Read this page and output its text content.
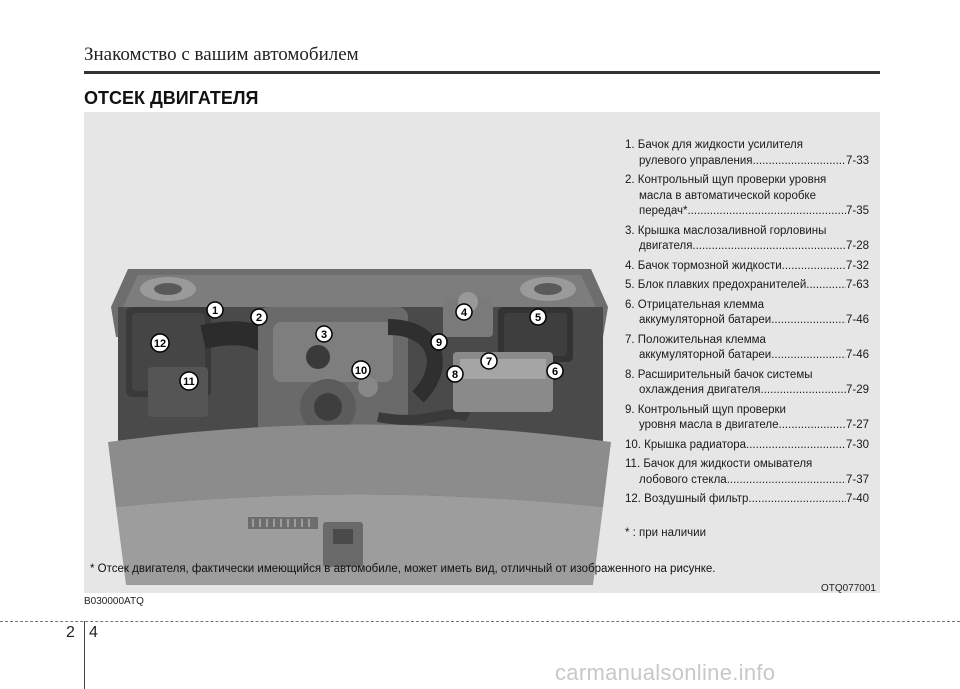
Знакомство с вашим автомобилем
ОТСЕК ДВИГАТЕЛЯ
1
2
3
4	5
6
7
8
9
10
11
12
1. Бачок для жидкости усилителя
рулевого управления .....	7-33
2. Контрольный щуп проверки уровня
масла в автоматической коробке
передач* .....	7-35
3. Крышка маслозаливной горловины
двигателя .....	7-28
4. Бачок тормозной жидкости .....	7-32
5. Блок плавких предохранителей .....	7-63
6. Отрицательная клемма
аккумуляторной батареи .....	7-46
7. Положительная клемма
аккумуляторной батареи .....	7-46
8. Расширительный бачок системы
охлаждения двигателя .....	7-29
9. Контрольный щуп проверки
уровня масла в двигателе .....	7-27
10. Крышка радиатора .....	7-30
11. Бачок для жидкости омывателя
лобового стекла .....	7-37
12. Воздушный фильтр .....	7-40
* : при наличии
* Отсек двигателя, фактически имеющийся в автомобиле, может иметь вид, отличный от изображенного на рисунке.
OTQ077001
B030000ATQ
2 4
carmanualsonline.info
